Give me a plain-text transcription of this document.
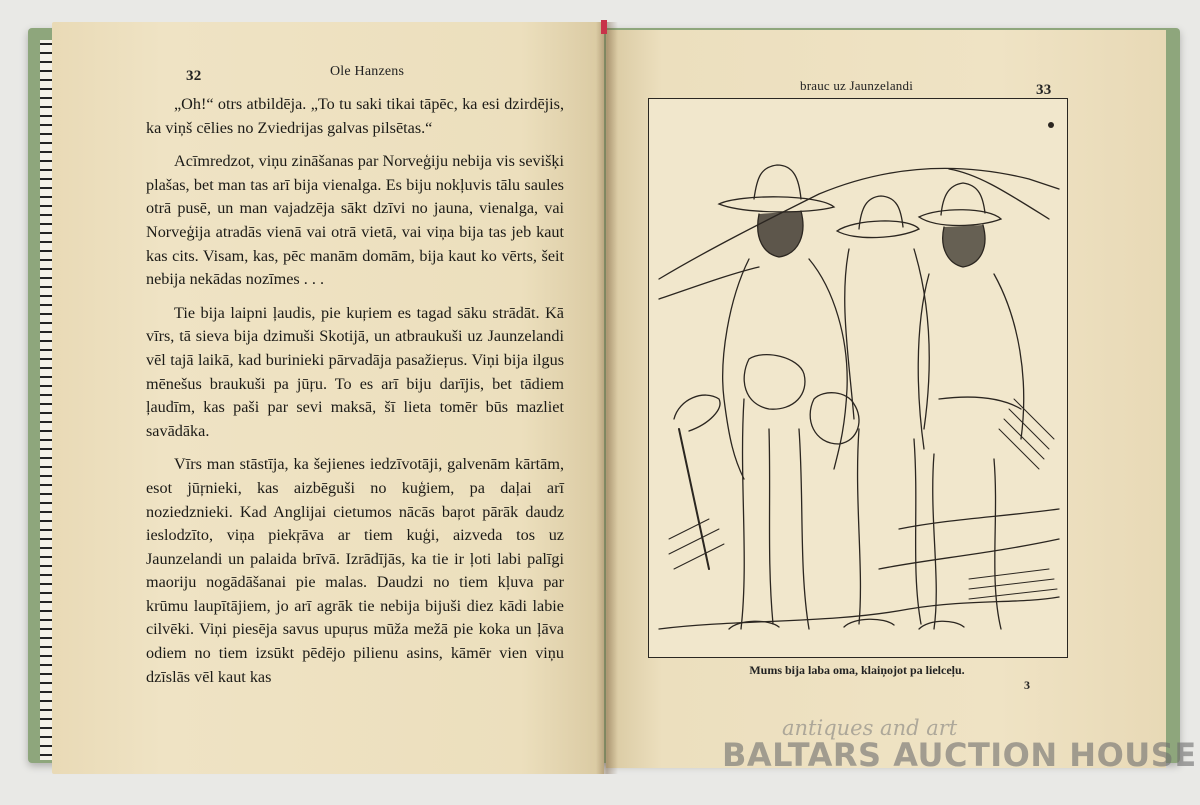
32	Ole Hanzens

„Oh!“ otrs atbildēja. „To tu saki tikai tāpēc, ka esi dzirdējis, ka viņš cēlies no Zviedrijas galvas pilsētas.“

Acīmredzot, viņu zināšanas par Norveģiju nebija vis sevišķi plašas, bet man tas arī bija vienalga. Es biju nokļuvis tālu saules otrā pusē, un man vajadzēja sākt dzīvi no jauna, vienalga, vai Norveģija atradās vienā vai otrā vietā, vai viņa bija tas jeb kaut kas cits. Visam, kas, pēc manām domām, bija kaut ko vērts, šeit nebija nekādas nozīmes . . .

Tie bija laipni ļaudis, pie kuŗiem es tagad sāku strādāt. Kā vīrs, tā sieva bija dzimuši Skotijā, un atbraukuši uz Jaunzelandi vēl tajā laikā, kad burinieki pārvadāja pasažieŗus. Viņi bija ilgus mēnešus braukuši pa jūŗu. To es arī biju darījis, bet tādiem ļaudīm, kas paši par sevi maksā, šī lieta tomēr būs mazliet savādāka.

Vīrs man stāstīja, ka šejienes iedzīvotāji, galvenām kārtām, esot jūŗnieki, kas aizbēguši no kuģiem, pa daļai arī noziedznieki. Kad Anglijai cietumos nācās baŗot pārāk daudz ieslodzīto, viņa piekŗāva ar tiem kuģi, aizveda tos uz Jaunzelandi un palaida brīvā. Izrādījās, ka tie ir ļoti labi palīgi maoriju nogādāšanai pie malas. Daudzi no tiem kļuva par krūmu laupītājiem, jo arī agrāk tie nebija bijuši diez kādi labie cilvēki. Viņi piesēja savus upuŗus mūža mežā pie koka un ļāva odiem no tiem izsūkt pēdējo pilienu asins, kāmēr vien viņu dzīslās vēl kaut kas

brauc uz Jaunzelandi	33
Mums bija laba oma, klaiņojot pa lielceļu.
3
antiques and art
BALTARS AUCTION HOUSE
